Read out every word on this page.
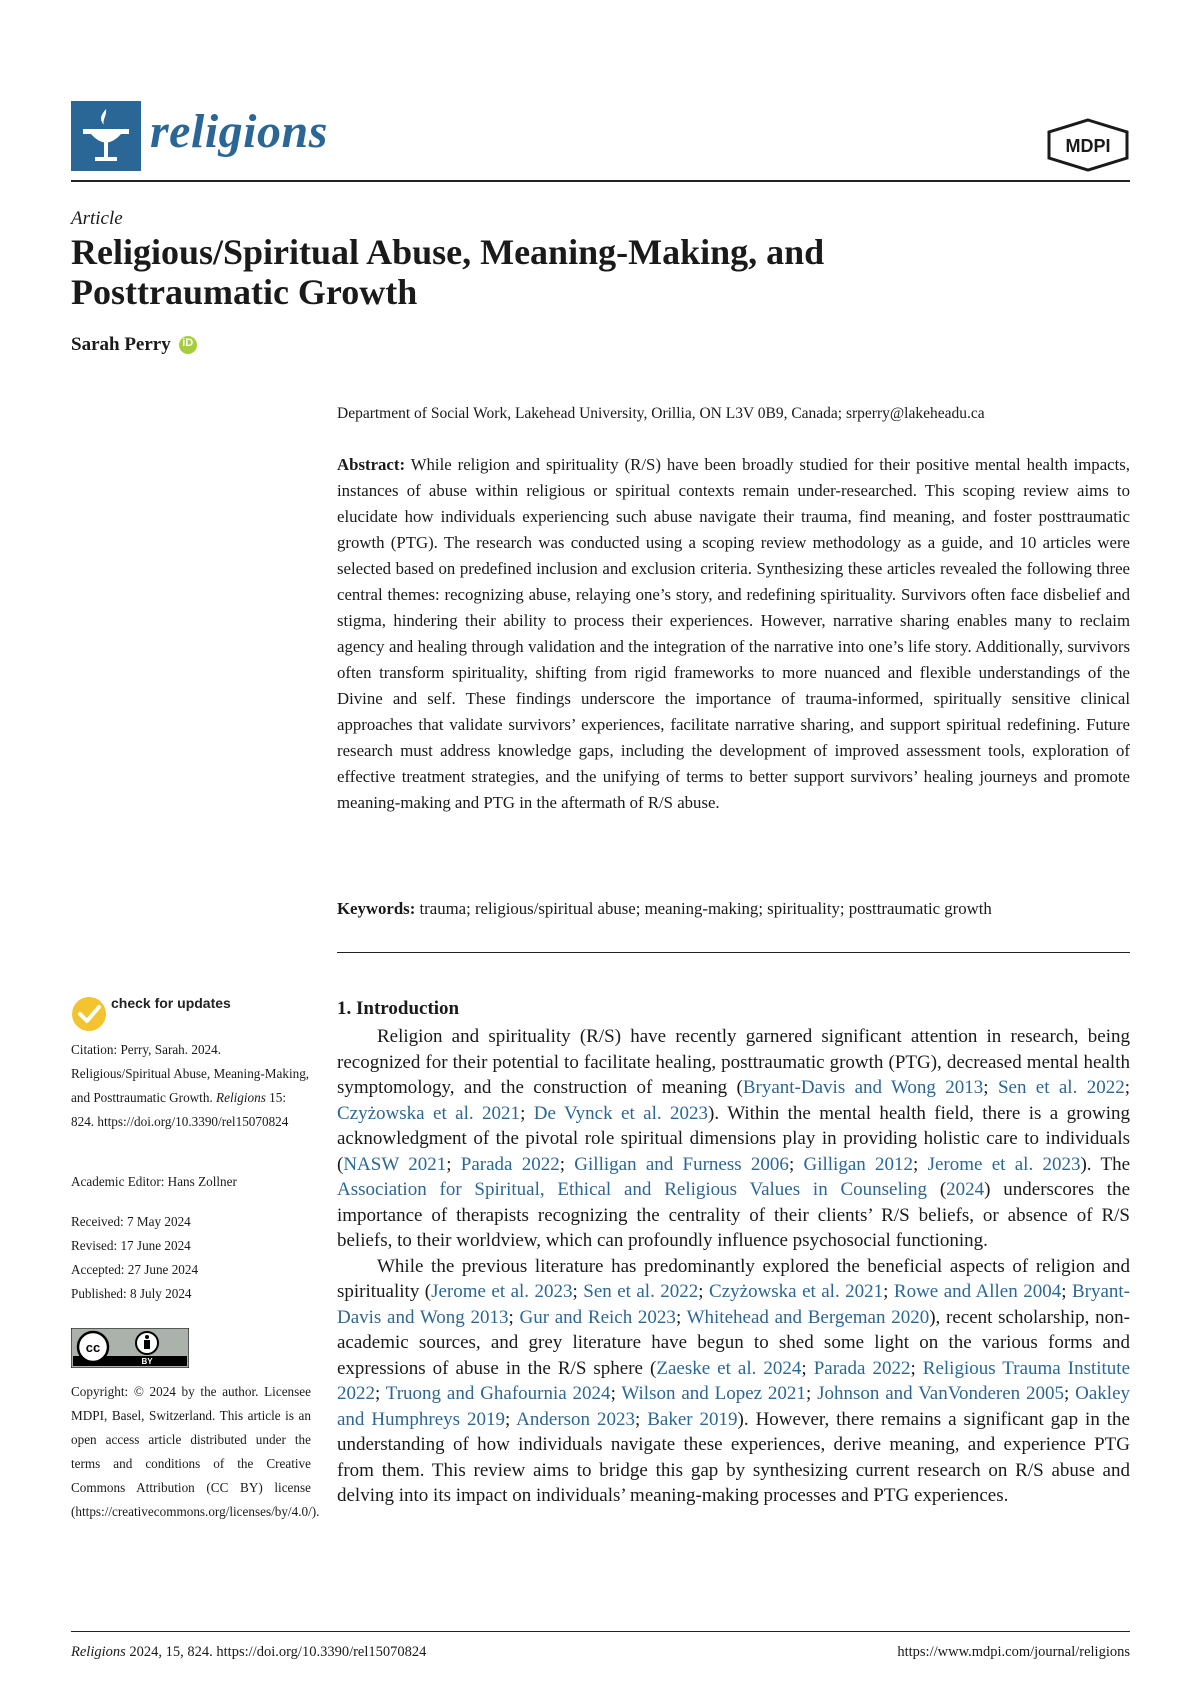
religions	MDPI
Article
Religious/Spiritual Abuse, Meaning-Making, and Posttraumatic Growth
Sarah Perry	iD
Department of Social Work, Lakehead University, Orillia, ON L3V 0B9, Canada; srperry@lakeheadu.ca
Abstract: While religion and spirituality (R/S) have been broadly studied for their positive mental health impacts, instances of abuse within religious or spiritual contexts remain under-researched. This scoping review aims to elucidate how individuals experiencing such abuse navigate their trauma, find meaning, and foster posttraumatic growth (PTG). The research was conducted using a scoping review methodology as a guide, and 10 articles were selected based on predefined inclusion and exclusion criteria. Synthesizing these articles revealed the following three central themes: recognizing abuse, relaying one’s story, and redefining spirituality. Survivors often face disbelief and stigma, hindering their ability to process their experiences. However, narrative sharing enables many to reclaim agency and healing through validation and the integration of the narrative into one’s life story. Additionally, survivors often transform spirituality, shifting from rigid frameworks to more nuanced and flexible understandings of the Divine and self. These findings underscore the importance of trauma-informed, spiritually sensitive clinical approaches that validate survivors’ experiences, facilitate narrative sharing, and support spiritual redefining. Future research must address knowledge gaps, including the development of improved assessment tools, exploration of effective treatment strategies, and the unifying of terms to better support survivors’ healing journeys and promote meaning-making and PTG in the aftermath of R/S abuse.
Keywords: trauma; religious/spiritual abuse; meaning-making; spirituality; posttraumatic growth
check for updates
Citation: Perry, Sarah. 2024. Religious/Spiritual Abuse, Meaning-Making, and Posttraumatic Growth. Religions 15: 824. https://doi.org/10.3390/rel15070824
Academic Editor: Hans Zollner
Received: 7 May 2024
Revised: 17 June 2024
Accepted: 27 June 2024
Published: 8 July 2024
cc
BY
Copyright: © 2024 by the author. Licensee MDPI, Basel, Switzerland. This article is an open access article distributed under the terms and conditions of the Creative Commons Attribution (CC BY) license (https://creativecommons.org/licenses/by/4.0/).
1. Introduction

Religion and spirituality (R/S) have recently garnered significant attention in research, being recognized for their potential to facilitate healing, posttraumatic growth (PTG), decreased mental health symptomology, and the construction of meaning (Bryant-Davis and Wong 2013; Sen et al. 2022; Czyżowska et al. 2021; De Vynck et al. 2023). Within the mental health field, there is a growing acknowledgment of the pivotal role spiritual dimensions play in providing holistic care to individuals (NASW 2021; Parada 2022; Gilligan and Furness 2006; Gilligan 2012; Jerome et al. 2023). The Association for Spiritual, Ethical and Religious Values in Counseling (2024) underscores the importance of therapists recognizing the centrality of their clients’ R/S beliefs, or absence of R/S beliefs, to their worldview, which can profoundly influence psychosocial functioning.

While the previous literature has predominantly explored the beneficial aspects of religion and spirituality (Jerome et al. 2023; Sen et al. 2022; Czyżowska et al. 2021; Rowe and Allen 2004; Bryant-Davis and Wong 2013; Gur and Reich 2023; Whitehead and Bergeman 2020), recent scholarship, non-academic sources, and grey literature have begun to shed some light on the various forms and expressions of abuse in the R/S sphere (Zaeske et al. 2024; Parada 2022; Religious Trauma Institute 2022; Truong and Ghafournia 2024; Wilson and Lopez 2021; Johnson and VanVonderen 2005; Oakley and Humphreys 2019; Anderson 2023; Baker 2019). However, there remains a significant gap in the understanding of how individuals navigate these experiences, derive meaning, and experience PTG from them. This review aims to bridge this gap by synthesizing current research on R/S abuse and delving into its impact on individuals’ meaning-making processes and PTG experiences.

Religions 2024, 15, 824. https://doi.org/10.3390/rel15070824	https://www.mdpi.com/journal/religions
